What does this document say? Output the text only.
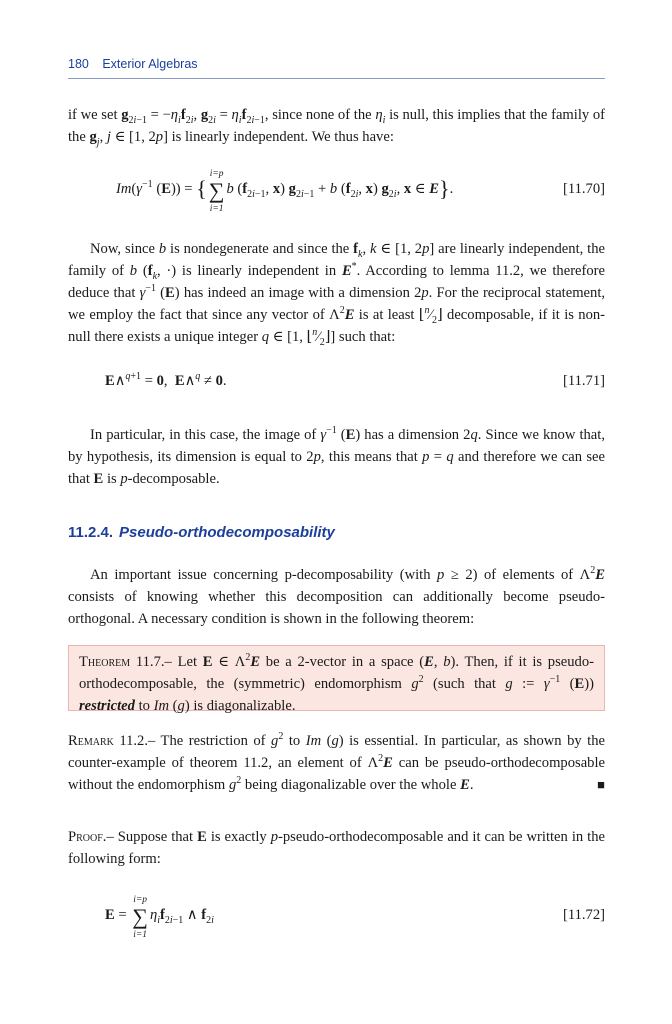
180 Exterior Algebras
if we set $g_{2i-1} = -\eta_if_{2i}$, $g_{2i} = \eta_if_{2i-1}$, since none of the $\eta_i$ is null, this implies that the family of the $g_j$, j ∈ [1, 2p] is linearly independent. We thus have:
$Im(\gamma^{-1}$ (E)) = {∑
i=p
i=1
b ($f_{2i-1}$, x) $g_{2i-1} + b$ ($f_{2i}$, x) $g_{2i}$, x ∈ E}.	[11.70]
Now, since b is nondegenerate and since the $f_k$, k ∈ [1, 2p] are linearly independent, the family of b ($f_k$, ·) is linearly independent in E*. According to lemma 11.2, we therefore deduce that $\gamma^{-1}$ (E) has indeed an image with a dimension 2p. For the reciprocal statement, we employ the fact that since any vector of $\Lambda^2E$ is at least $⌊^n⁄_2⌋$ decomposable, if it is non-null there exists a unique integer q ∈ [1, $⌊^n⁄_2⌋$] such that:
E∧$^{q+1}$ = 0,  E∧$^q$ ≠ 0.	[11.71]
In particular, in this case, the image of $\gamma^{-1}$ (E) has a dimension 2q. Since we know that, by hypothesis, its dimension is equal to 2p, this means that p = q and therefore we can see that E is p-decomposable.
11.2.4. Pseudo-orthodecomposability
An important issue concerning p-decomposability (with p ≥ 2) of elements of $\Lambda^2E$ consists of knowing whether this decomposition can additionally become pseudo-orthogonal. A necessary condition is shown in the following theorem:
Theorem 11.7.– Let E ∈ $\Lambda^2E$ be a 2-vector in a space (E, b). Then, if it is pseudo-orthodecomposable, the (symmetric) endomorphism $g^2$ (such that g := $\gamma^{-1}$ (E)) restricted to Im (g) is diagonalizable.
Remark 11.2.– The restriction of $g^2$ to Im (g) is essential. In particular, as shown by the counter-example of theorem 11.2, an element of $\Lambda^2E$ can be pseudo-orthodecomposable without the endomorphism $g^2$ being diagonalizable over the whole E.	■
Proof.– Suppose that E is exactly p-pseudo-orthodecomposable and it can be written in the following form:
E = ∑
i=p
i=1
$\eta_if_{2i-1}$ ∧ $f_{2i}$	[11.72]
